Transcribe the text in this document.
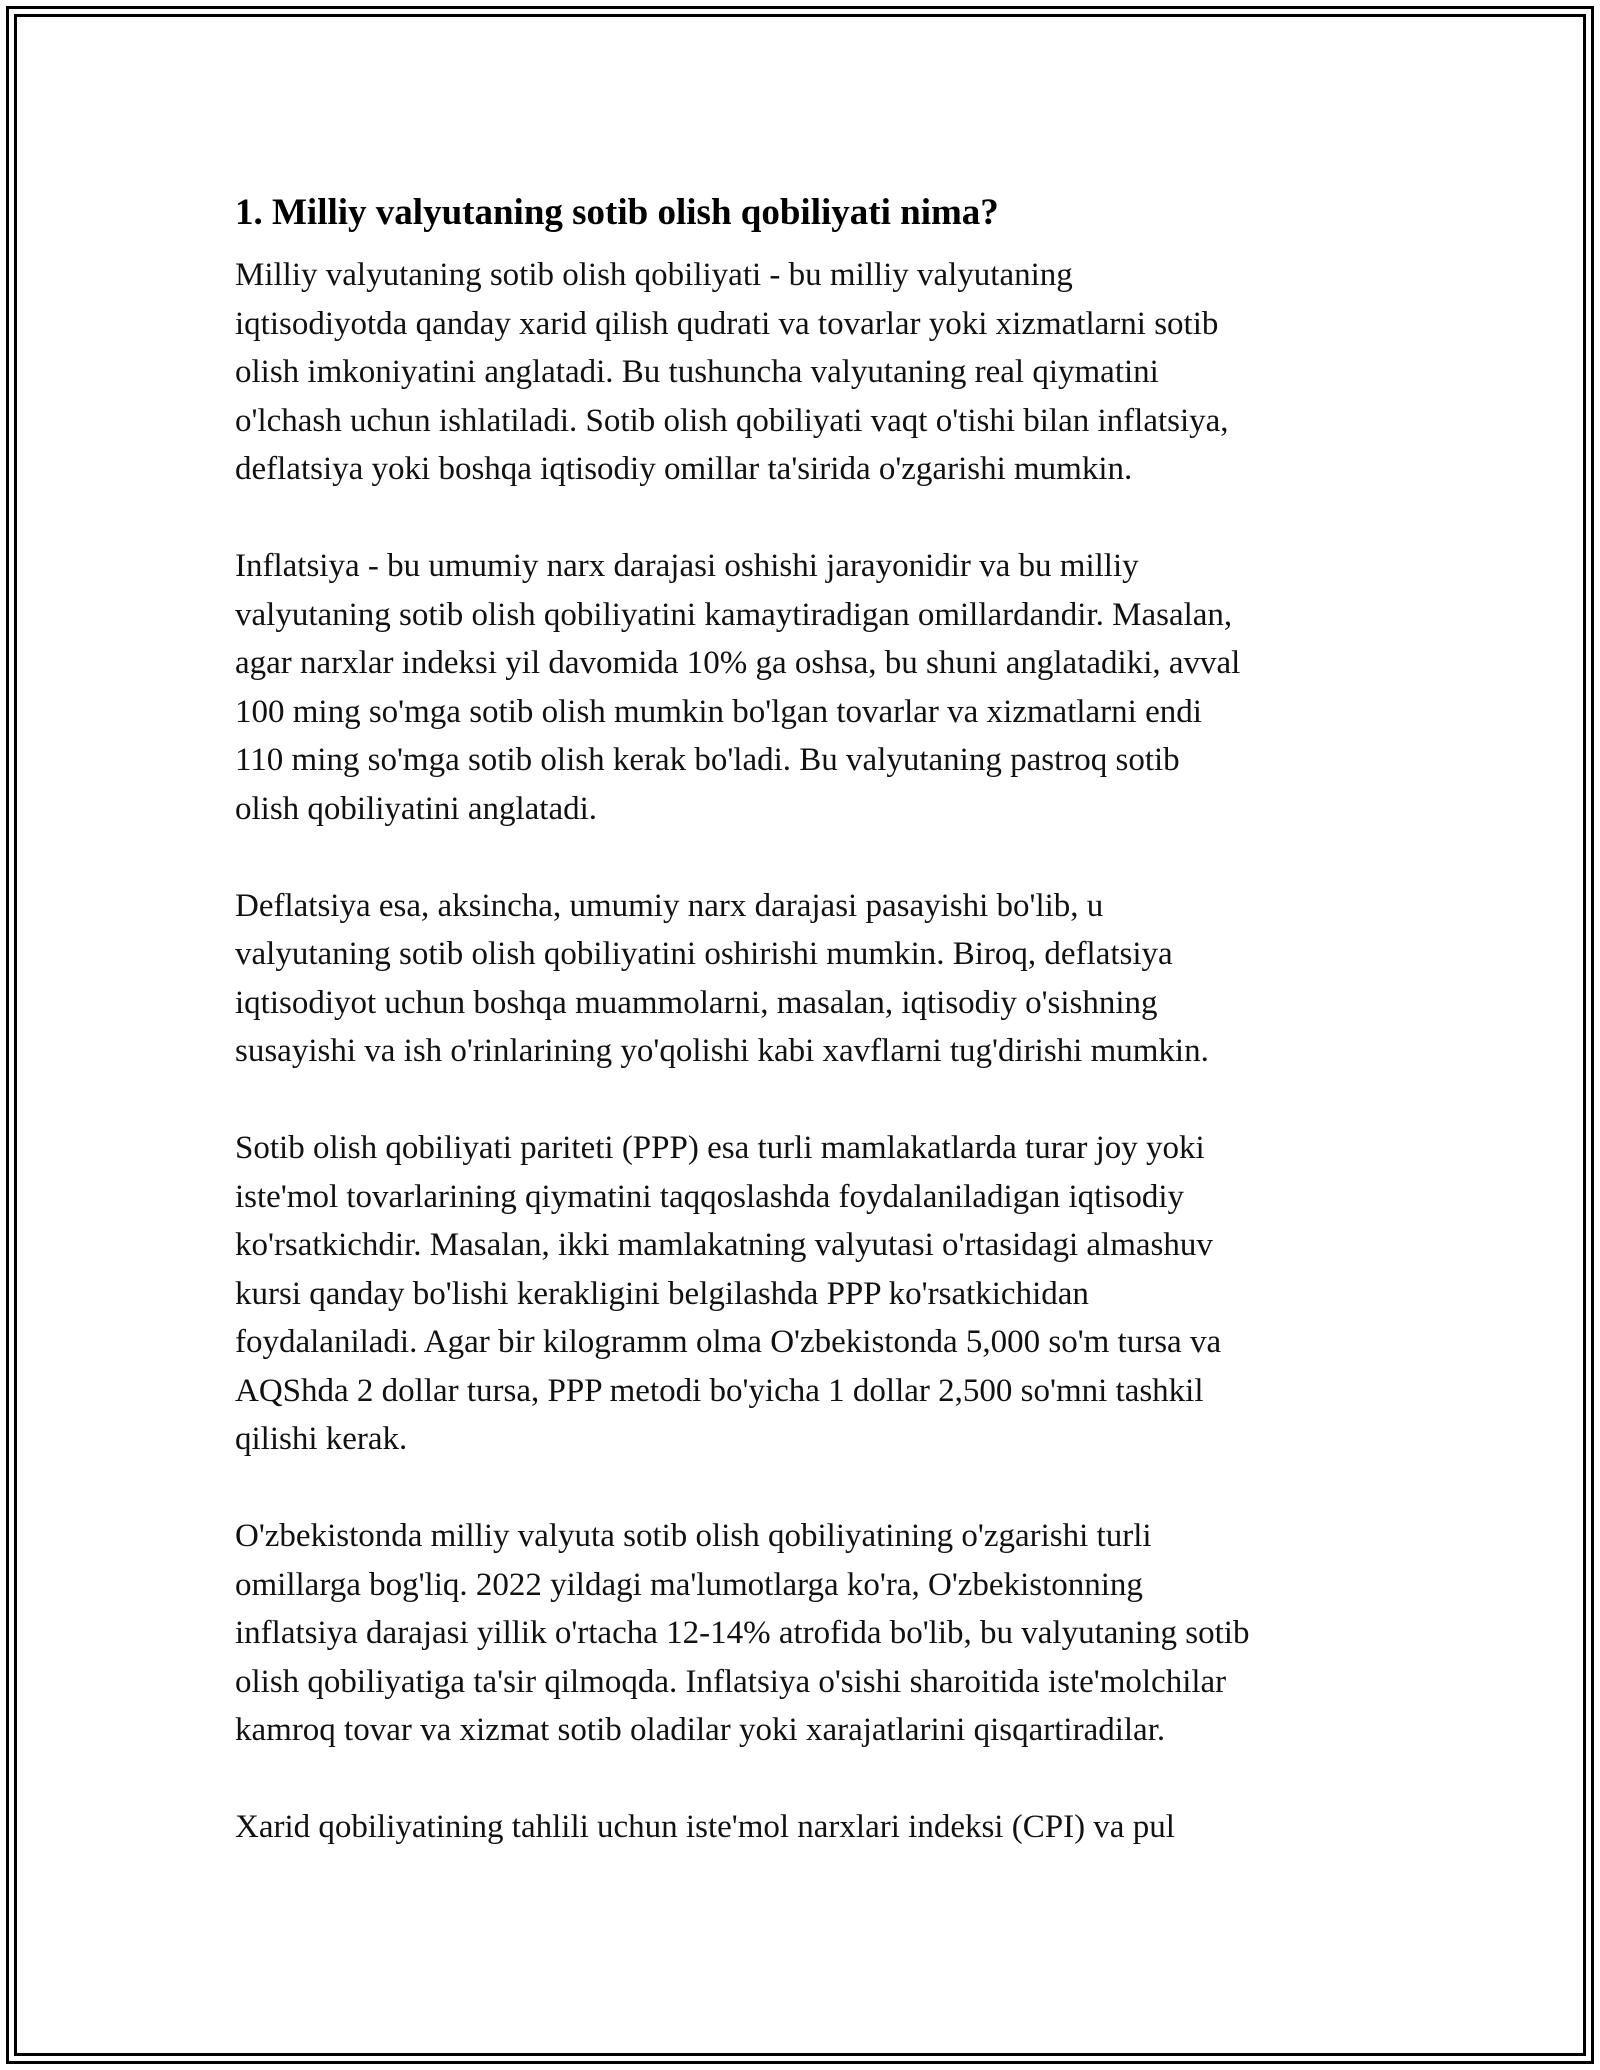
1. Milliy valyutaning sotib olish qobiliyati nima?

Milliy valyutaning sotib olish qobiliyati - bu milliy valyutaning
iqtisodiyotda qanday xarid qilish qudrati va tovarlar yoki xizmatlarni sotib
olish imkoniyatini anglatadi. Bu tushuncha valyutaning real qiymatini
o'lchash uchun ishlatiladi. Sotib olish qobiliyati vaqt o'tishi bilan inflatsiya,
deflatsiya yoki boshqa iqtisodiy omillar ta'sirida o'zgarishi mumkin.

Inflatsiya - bu umumiy narx darajasi oshishi jarayonidir va bu milliy
valyutaning sotib olish qobiliyatini kamaytiradigan omillardandir. Masalan,
agar narxlar indeksi yil davomida 10% ga oshsa, bu shuni anglatadiki, avval
100 ming so'mga sotib olish mumkin bo'lgan tovarlar va xizmatlarni endi
110 ming so'mga sotib olish kerak bo'ladi. Bu valyutaning pastroq sotib
olish qobiliyatini anglatadi.

Deflatsiya esa, aksincha, umumiy narx darajasi pasayishi bo'lib, u
valyutaning sotib olish qobiliyatini oshirishi mumkin. Biroq, deflatsiya
iqtisodiyot uchun boshqa muammolarni, masalan, iqtisodiy o'sishning
susayishi va ish o'rinlarining yo'qolishi kabi xavflarni tug'dirishi mumkin.

Sotib olish qobiliyati pariteti (PPP) esa turli mamlakatlarda turar joy yoki
iste'mol tovarlarining qiymatini taqqoslashda foydalaniladigan iqtisodiy
ko'rsatkichdir. Masalan, ikki mamlakatning valyutasi o'rtasidagi almashuv
kursi qanday bo'lishi kerakligini belgilashda PPP ko'rsatkichidan
foydalaniladi. Agar bir kilogramm olma O'zbekistonda 5,000 so'm tursa va
AQShda 2 dollar tursa, PPP metodi bo'yicha 1 dollar 2,500 so'mni tashkil
qilishi kerak.

O'zbekistonda milliy valyuta sotib olish qobiliyatining o'zgarishi turli
omillarga bog'liq. 2022 yildagi ma'lumotlarga ko'ra, O'zbekistonning
inflatsiya darajasi yillik o'rtacha 12-14% atrofida bo'lib, bu valyutaning sotib
olish qobiliyatiga ta'sir qilmoqda. Inflatsiya o'sishi sharoitida iste'molchilar
kamroq tovar va xizmat sotib oladilar yoki xarajatlarini qisqartiradilar.

Xarid qobiliyatining tahlili uchun iste'mol narxlari indeksi (CPI) va pul
